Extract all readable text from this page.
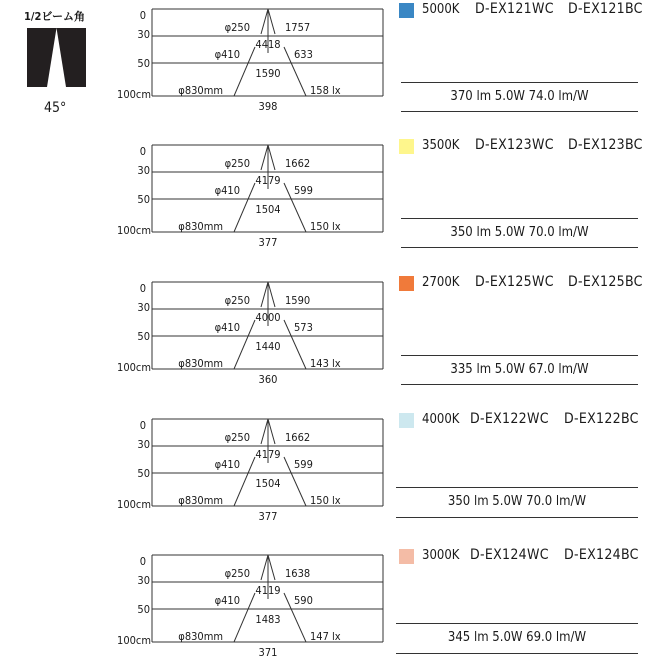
1/2ビーム角
45°
0
30
50
100cm
φ250	1757
4418
φ410	633
1590
φ830mm	158 lx
398
5000K D-EX121WC D-EX121BC
370 lm 5.0W 74.0 lm/W
0
30
50
100cm
φ250	1662
4179
φ410	599
1504
φ830mm	150 lx
377
3500K D-EX123WC D-EX123BC
350 lm 5.0W 70.0 lm/W
0
30
50
100cm
φ250	1590
4000
φ410	573
1440
φ830mm	143 lx
360
2700K D-EX125WC D-EX125BC
335 lm 5.0W 67.0 lm/W
0
30
50
100cm
φ250	1662
4179
φ410	599
1504
φ830mm	150 lx
377
4000K D-EX122WC D-EX122BC
350 lm 5.0W 70.0 lm/W
0
30
50
100cm
φ250	1638
4119
φ410	590
1483
φ830mm	147 lx
371
3000K D-EX124WC D-EX124BC
345 lm 5.0W 69.0 lm/W
